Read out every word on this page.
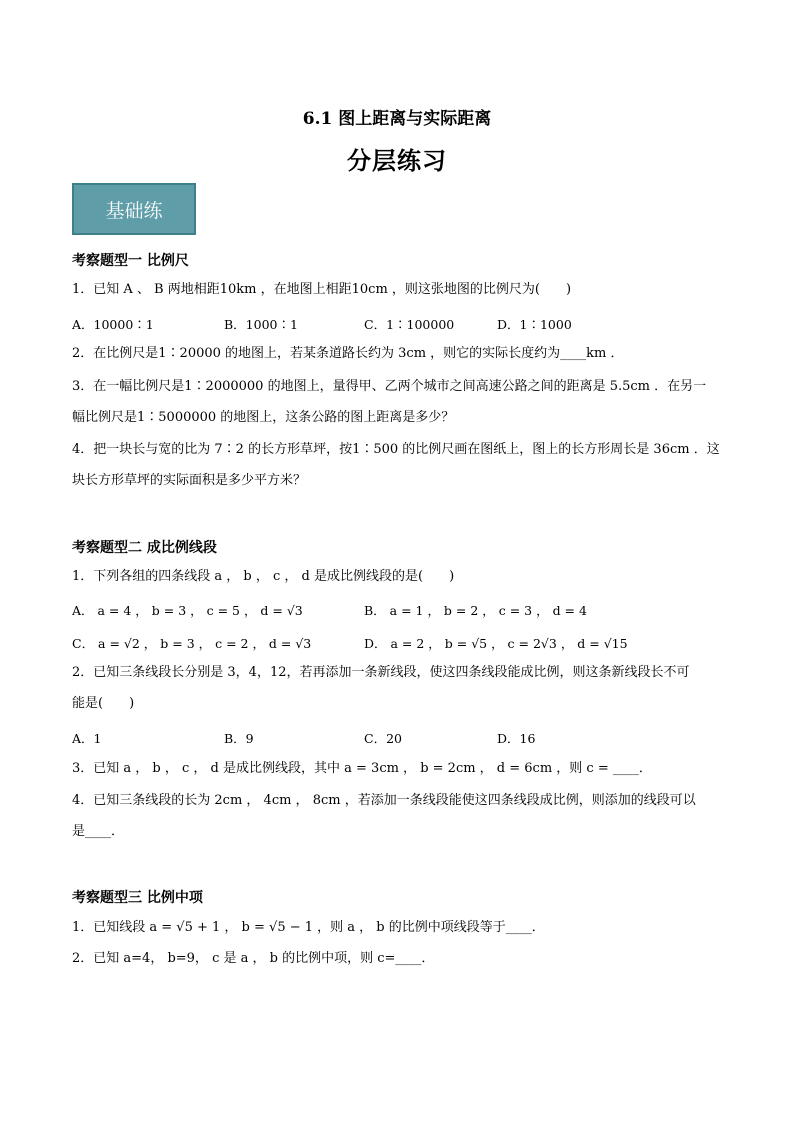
6.1 图上距离与实际距离
分层练习
基础练
考察题型一 比例尺
1．已知 A 、 B 两地相距10km ，在地图上相距10cm ，则这张地图的比例尺为(　　)
A．10000∶1	B．1000∶1	C．1∶100000	D．1∶1000
2．在比例尺是1∶20000 的地图上，若某条道路长约为 3cm ，则它的实际长度约为____km ．
3．在一幅比例尺是1∶2000000 的地图上，量得甲、乙两个城市之间高速公路之间的距离是 5.5cm ．在另一
幅比例尺是1∶5000000 的地图上，这条公路的图上距离是多少？
4．把一块长与宽的比为 7∶2 的长方形草坪，按1∶500 的比例尺画在图纸上，图上的长方形周长是 36cm ．这
块长方形草坪的实际面积是多少平方米？
考察题型二 成比例线段
1．下列各组的四条线段 a ， b ， c ， d 是成比例线段的是(　　)
A． a = 4 ， b = 3 ， c = 5 ， d = √3	B． a = 1 ， b = 2 ， c = 3 ， d = 4
C． a = √2 ， b = 3 ， c = 2 ， d = √3	D． a = 2 ， b = √5 ， c = 2√3 ， d = √15
2．已知三条线段长分别是 3，4，12，若再添加一条新线段，使这四条线段能成比例，则这条新线段长不可
能是(　　)
A．1	B．9	C．20	D．16
3．已知 a ， b ， c ， d 是成比例线段，其中 a = 3cm ， b = 2cm ， d = 6cm ，则 c = ____．
4．已知三条线段的长为 2cm ， 4cm ， 8cm ，若添加一条线段能使这四条线段成比例，则添加的线段可以
是____．
考察题型三 比例中项
1．已知线段 a = √5 + 1 ， b = √5 − 1 ，则 a ， b 的比例中项线段等于____．
2．已知 a=4， b=9， c 是 a ， b 的比例中项，则 c=____．
